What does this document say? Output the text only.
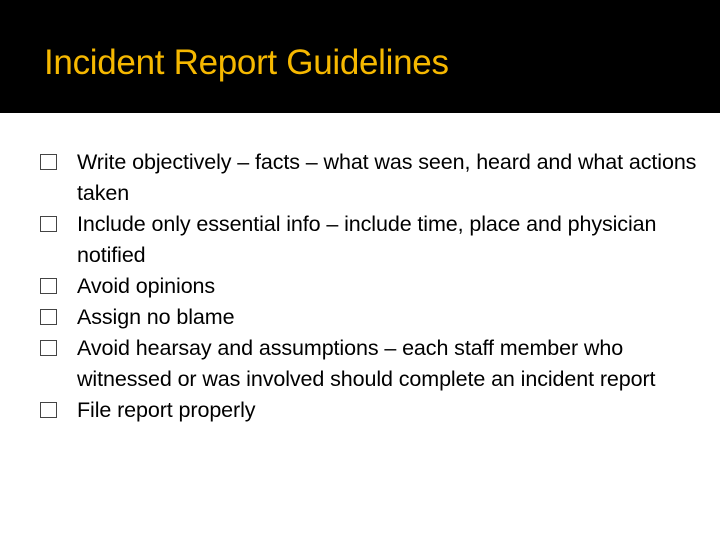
Incident Report Guidelines
Write objectively – facts – what was seen, heard and what actions taken
Include only essential info – include time, place and physician notified
Avoid opinions
Assign no blame
Avoid hearsay and assumptions – each staff member who witnessed or was involved should complete an incident report
File report properly
